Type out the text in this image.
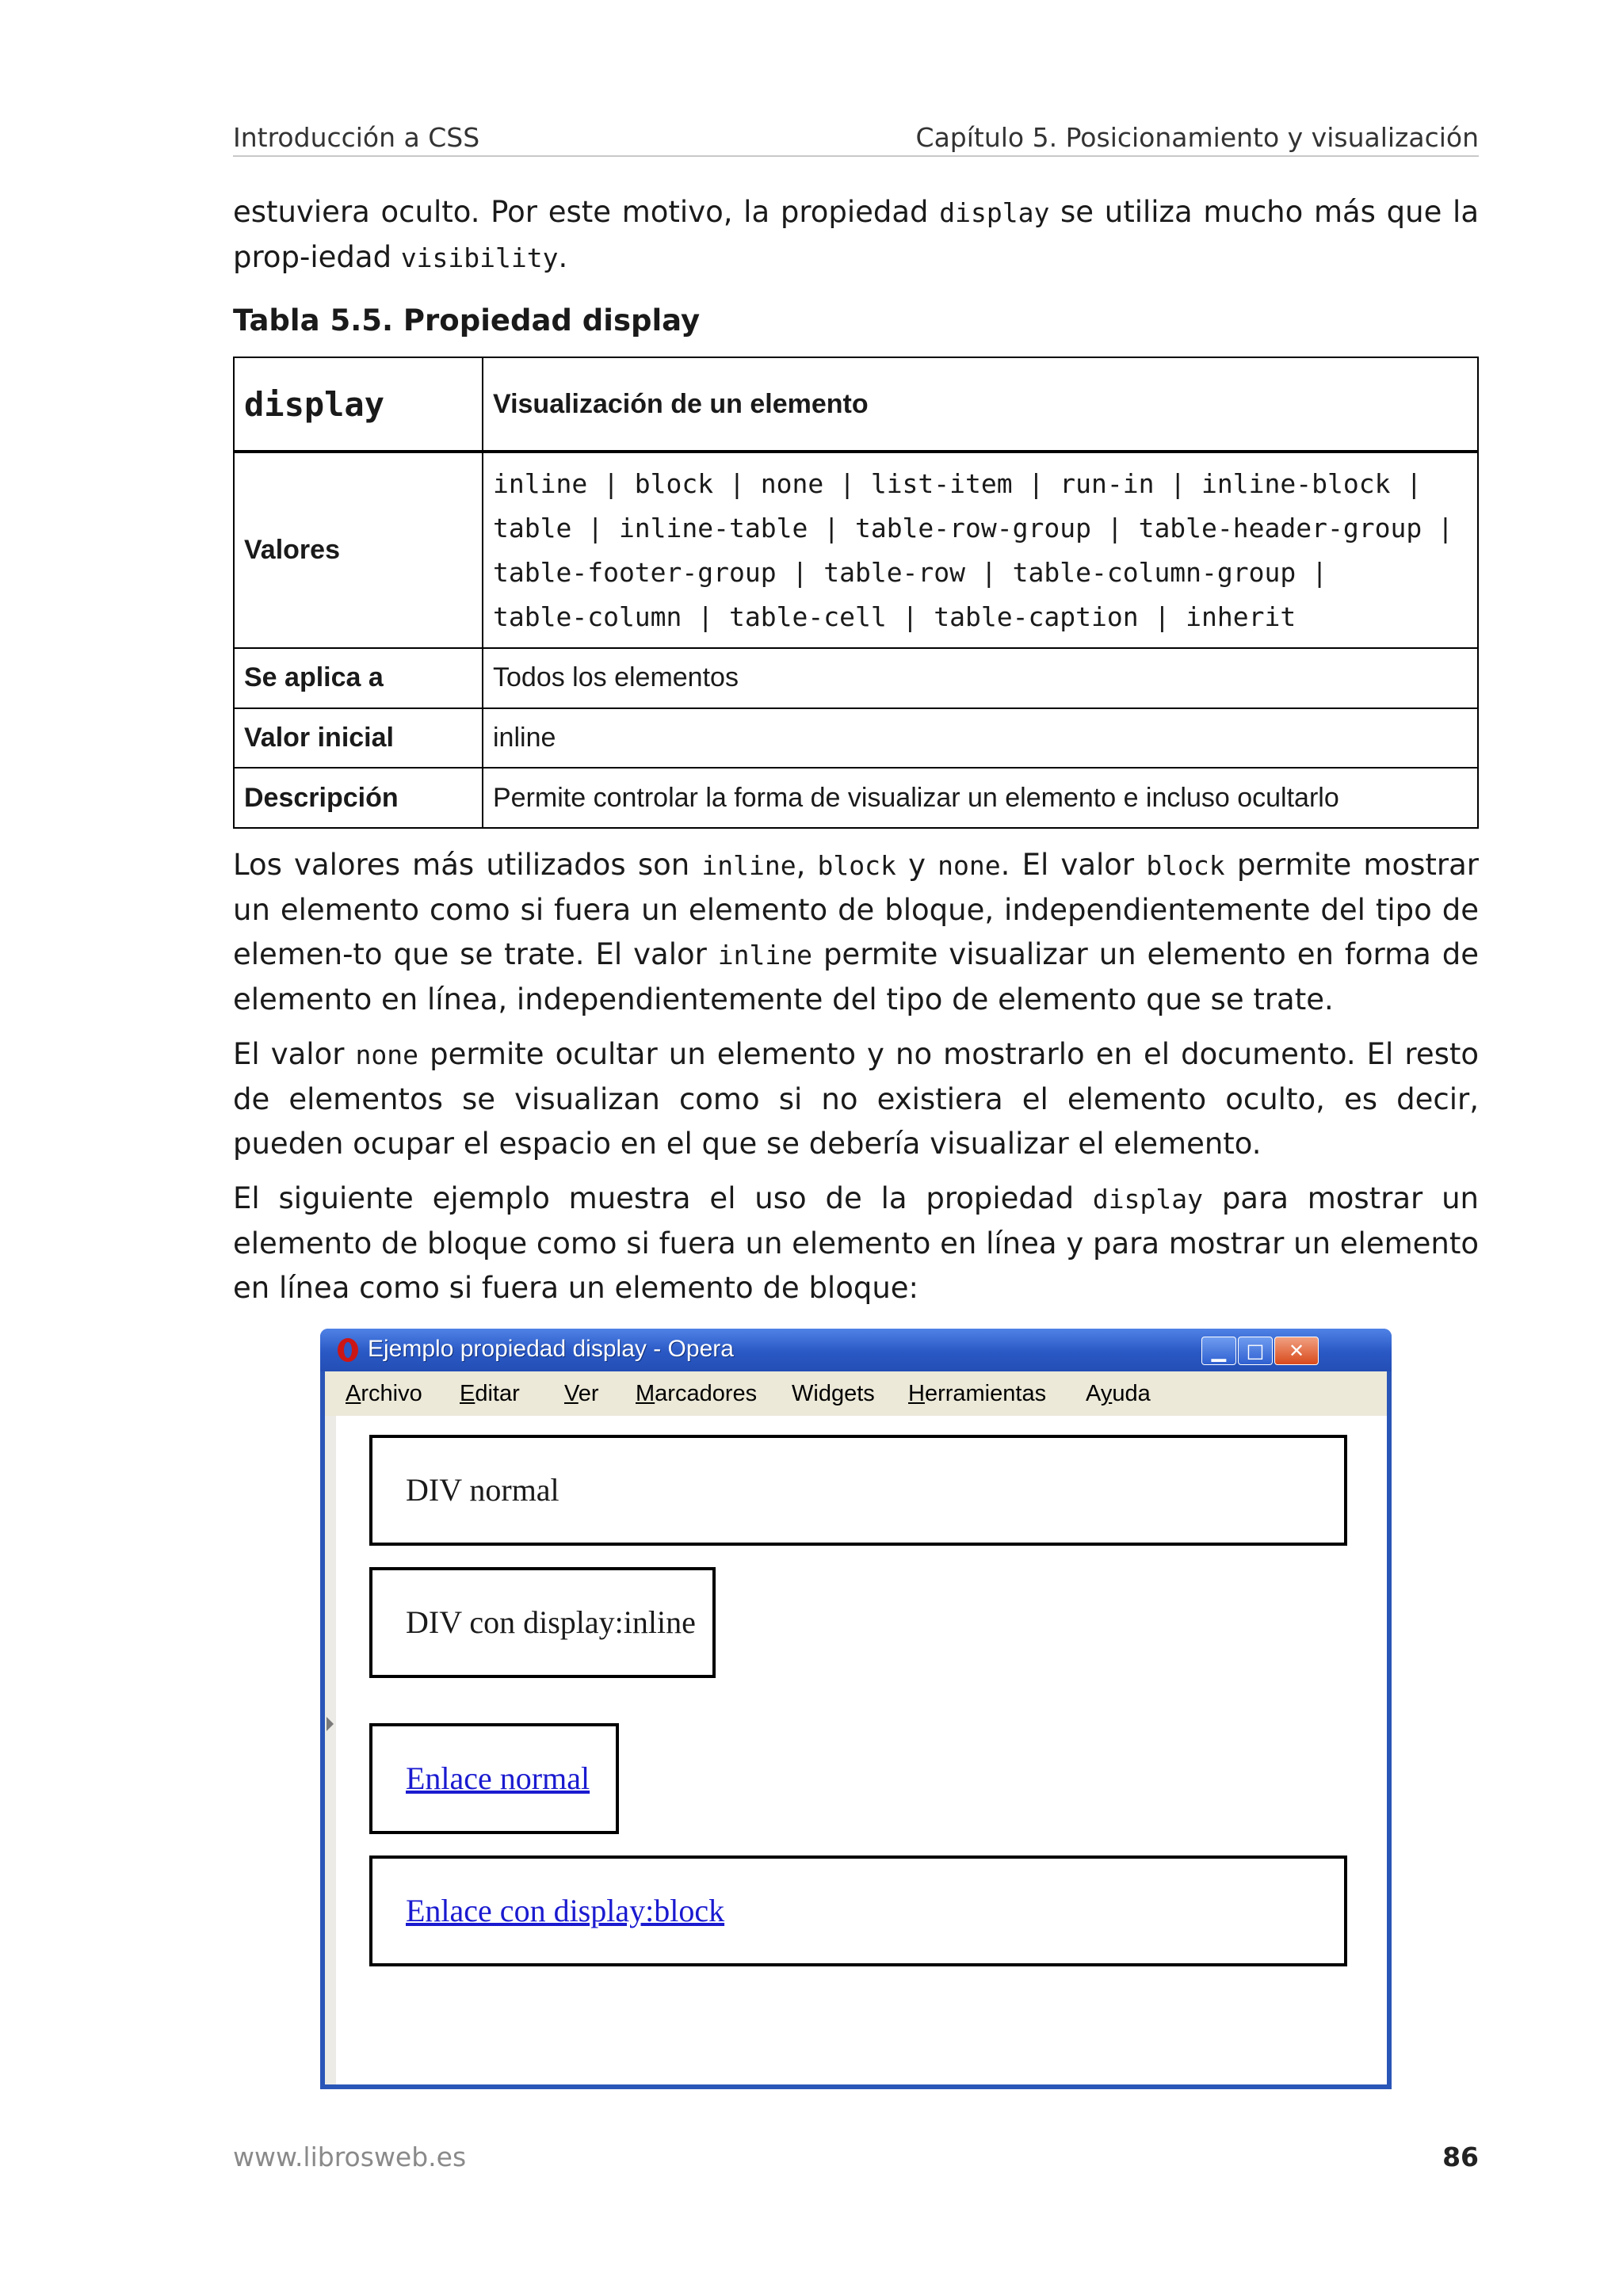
Introducción a CSS	Capítulo 5. Posicionamiento y visualización
estuviera oculto. Por este motivo, la propiedad display se utiliza mucho más que la prop-iedad visibility.
Tabla 5.5. Propiedad display
display	Visualización de un elemento
Valores	inline | block | none | list-item | run-in | inline-block |
table | inline-table | table-row-group | table-header-group |
table-footer-group | table-row | table-column-group |
table-column | table-cell | table-caption | inherit

Se aplica a	Todos los elementos
Valor inicial	inline
Descripción	Permite controlar la forma de visualizar un elemento e incluso ocultarlo
Los valores más utilizados son inline, block y none. El valor block permite mostrar un elemento como si fuera un elemento de bloque, independientemente del tipo de elemen-to que se trate. El valor inline permite visualizar un elemento en forma de elemento en línea, independientemente del tipo de elemento que se trate.
El valor none permite ocultar un elemento y no mostrarlo en el documento. El resto de elementos se visualizan como si no existiera el elemento oculto, es decir, pueden ocupar el espacio en el que se debería visualizar el elemento.
El siguiente ejemplo muestra el uso de la propiedad display para mostrar un elemento de bloque como si fuera un elemento en línea y para mostrar un elemento en línea como si fuera un elemento de bloque:
Ejemplo propiedad display - Opera	▁	□	✕
Archivo Editar Ver Marcadores Widgets Herramientas Ayuda
DIV normal
DIV con display:inline
Enlace normal
Enlace con display:block
www.librosweb.es	86
